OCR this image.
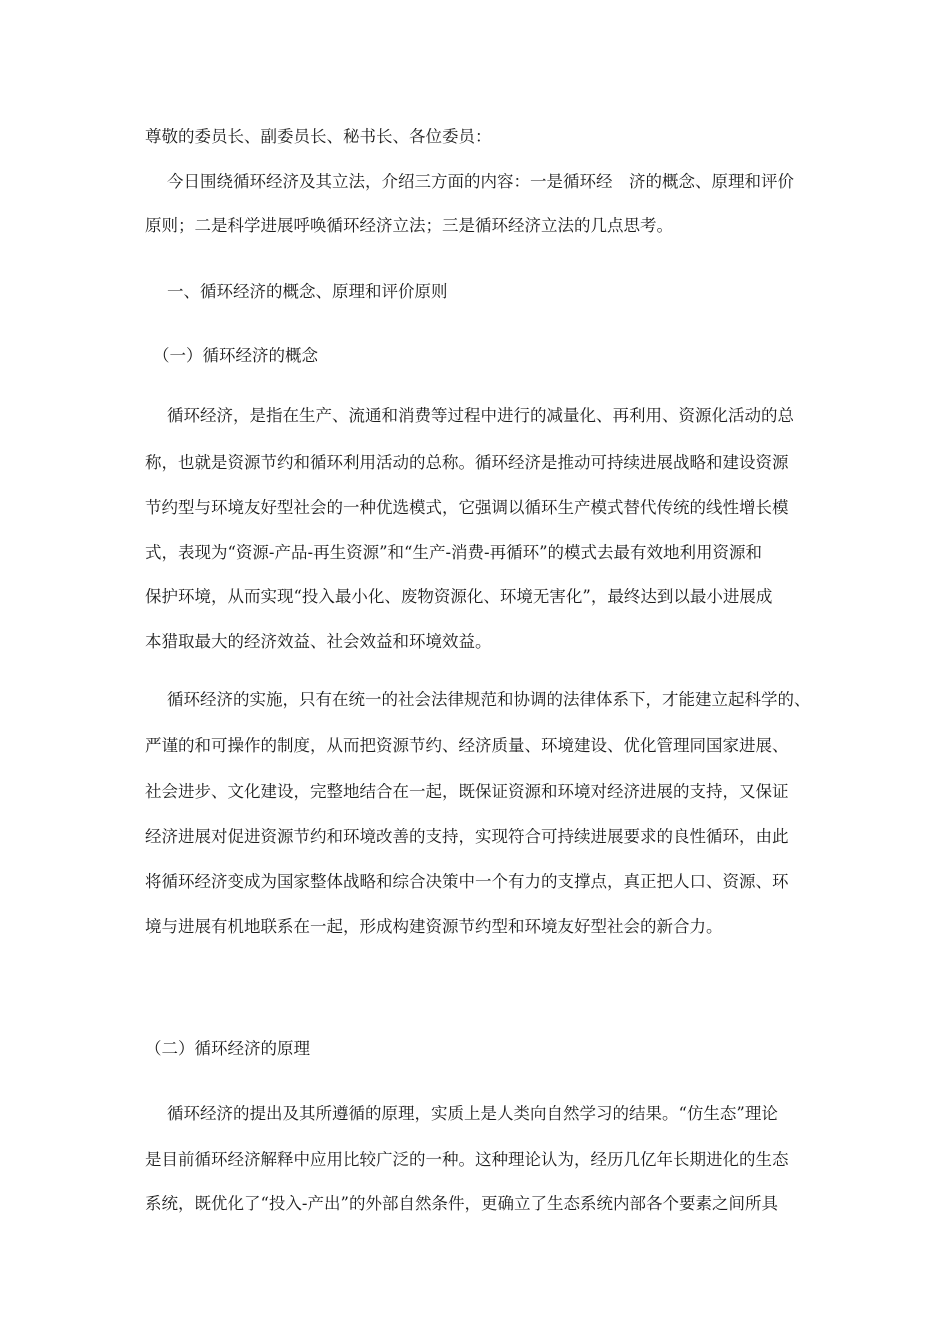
尊敬的委员长、副委员长、秘书长、各位委员：

今日围绕循环经济及其立法，介绍三方面的内容：一是循环经　济的概念、原理和评价

原则；二是科学进展呼唤循环经济立法；三是循环经济立法的几点思考。

一、循环经济的概念、原理和评价原则

（一）循环经济的概念

循环经济，是指在生产、流通和消费等过程中进行的减量化、再利用、资源化活动的总

称，也就是资源节约和循环利用活动的总称。循环经济是推动可持续进展战略和建设资源

节约型与环境友好型社会的一种优选模式，它强调以循环生产模式替代传统的线性增长模

式，表现为“资源-产品-再生资源”和“生产-消费-再循环”的模式去最有效地利用资源和

保护环境，从而实现“投入最小化、废物资源化、环境无害化”，最终达到以最小进展成

本猎取最大的经济效益、社会效益和环境效益。

循环经济的实施，只有在统一的社会法律规范和协调的法律体系下，才能建立起科学的、

严谨的和可操作的制度，从而把资源节约、经济质量、环境建设、优化管理同国家进展、

社会进步、文化建设，完整地结合在一起，既保证资源和环境对经济进展的支持，又保证

经济进展对促进资源节约和环境改善的支持，实现符合可持续进展要求的良性循环，由此

将循环经济变成为国家整体战略和综合决策中一个有力的支撑点，真正把人口、资源、环

境与进展有机地联系在一起，形成构建资源节约型和环境友好型社会的新合力。

（二）循环经济的原理

循环经济的提出及其所遵循的原理，实质上是人类向自然学习的结果。“仿生态”理论

是目前循环经济解释中应用比较广泛的一种。这种理论认为，经历几亿年长期进化的生态

系统，既优化了“投入-产出”的外部自然条件，更确立了生态系统内部各个要素之间所具
